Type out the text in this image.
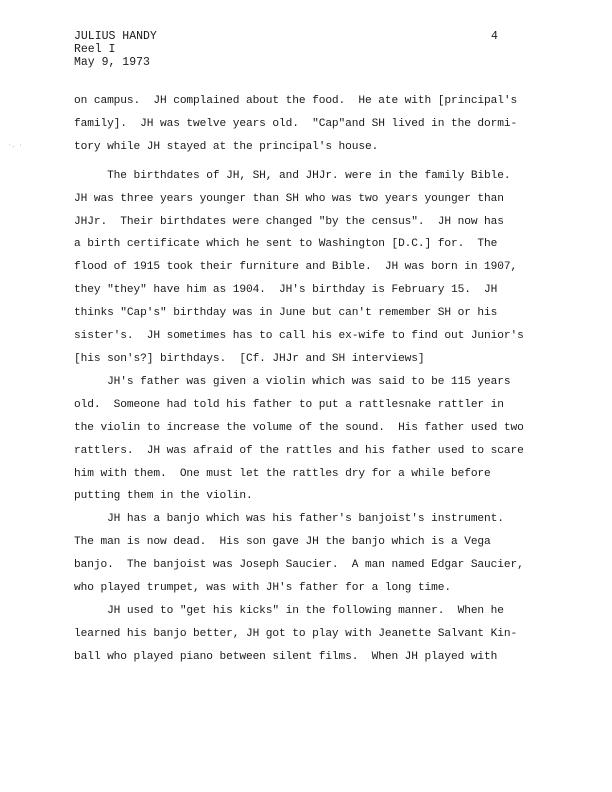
JULIUS HANDY
Reel I
May 9, 1973
4
·. ·
on campus.  JH complained about the food.  He ate with [principal's
family].  JH was twelve years old.  "Cap"and SH lived in the dormi-
tory while JH stayed at the principal's house.
The birthdates of JH, SH, and JHJr. were in the family Bible.
JH was three years younger than SH who was two years younger than
JHJr.  Their birthdates were changed "by the census".  JH now has
a birth certificate which he sent to Washington [D.C.] for.  The
flood of 1915 took their furniture and Bible.  JH was born in 1907,
they "they" have him as 1904.  JH's birthday is February 15.  JH
thinks "Cap's" birthday was in June but can't remember SH or his
sister's.  JH sometimes has to call his ex-wife to find out Junior's
[his son's?] birthdays.  [Cf. JHJr and SH interviews]
JH's father was given a violin which was said to be 115 years
old.  Someone had told his father to put a rattlesnake rattler in
the violin to increase the volume of the sound.  His father used two
rattlers.  JH was afraid of the rattles and his father used to scare
him with them.  One must let the rattles dry for a while before
putting them in the violin.
JH has a banjo which was his father's banjoist's instrument.
The man is now dead.  His son gave JH the banjo which is a Vega
banjo.  The banjoist was Joseph Saucier.  A man named Edgar Saucier,
who played trumpet, was with JH's father for a long time.
JH used to "get his kicks" in the following manner.  When he
learned his banjo better, JH got to play with Jeanette Salvant Kin-
ball who played piano between silent films.  When JH played with
